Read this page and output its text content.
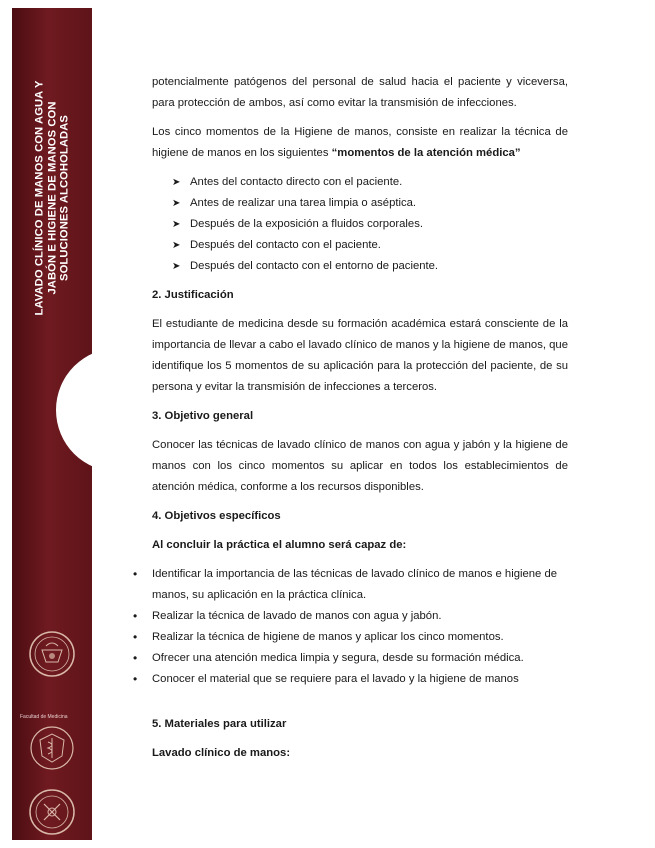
LAVADO CLÍNICO DE MANOS CON AGUA Y JABÓN E HIGIENE DE MANOS CON SOLUCIONES ALCOHOLADAS
Facultad de Medicina

potencialmente patógenos del personal de salud hacia el paciente y viceversa, para protección de ambos, así como evitar la transmisión de infecciones.

Los cinco momentos de la Higiene de manos, consiste en realizar la técnica de higiene de manos en los siguientes “momentos de la atención médica”

➤ Antes del contacto directo con el paciente.
➤ Antes de realizar una tarea limpia o aséptica.
➤ Después de la exposición a fluidos corporales.
➤ Después del contacto con el paciente.
➤ Después del contacto con el entorno de paciente.

2. Justificación

El estudiante de medicina desde su formación académica estará consciente de la importancia de llevar a cabo el lavado clínico de manos y la higiene de manos, que identifique los 5 momentos de su aplicación para la protección del paciente, de su persona y evitar la transmisión de infecciones a terceros.

3. Objetivo general

Conocer las técnicas de lavado clínico de manos con agua y jabón y la higiene de manos con los cinco momentos su aplicar en todos los establecimientos de atención médica, conforme a los recursos disponibles.

4. Objetivos específicos

Al concluir la práctica el alumno será capaz de:

• Identificar la importancia de las técnicas de lavado clínico de manos e higiene de manos, su aplicación en la práctica clínica.
• Realizar la técnica de lavado de manos con agua y jabón.
• Realizar la técnica de higiene de manos y aplicar los cinco momentos.
• Ofrecer una atención medica limpia y segura, desde su formación médica.
• Conocer el material que se requiere para el lavado y la higiene de manos

5. Materiales para utilizar

Lavado clínico de manos:
